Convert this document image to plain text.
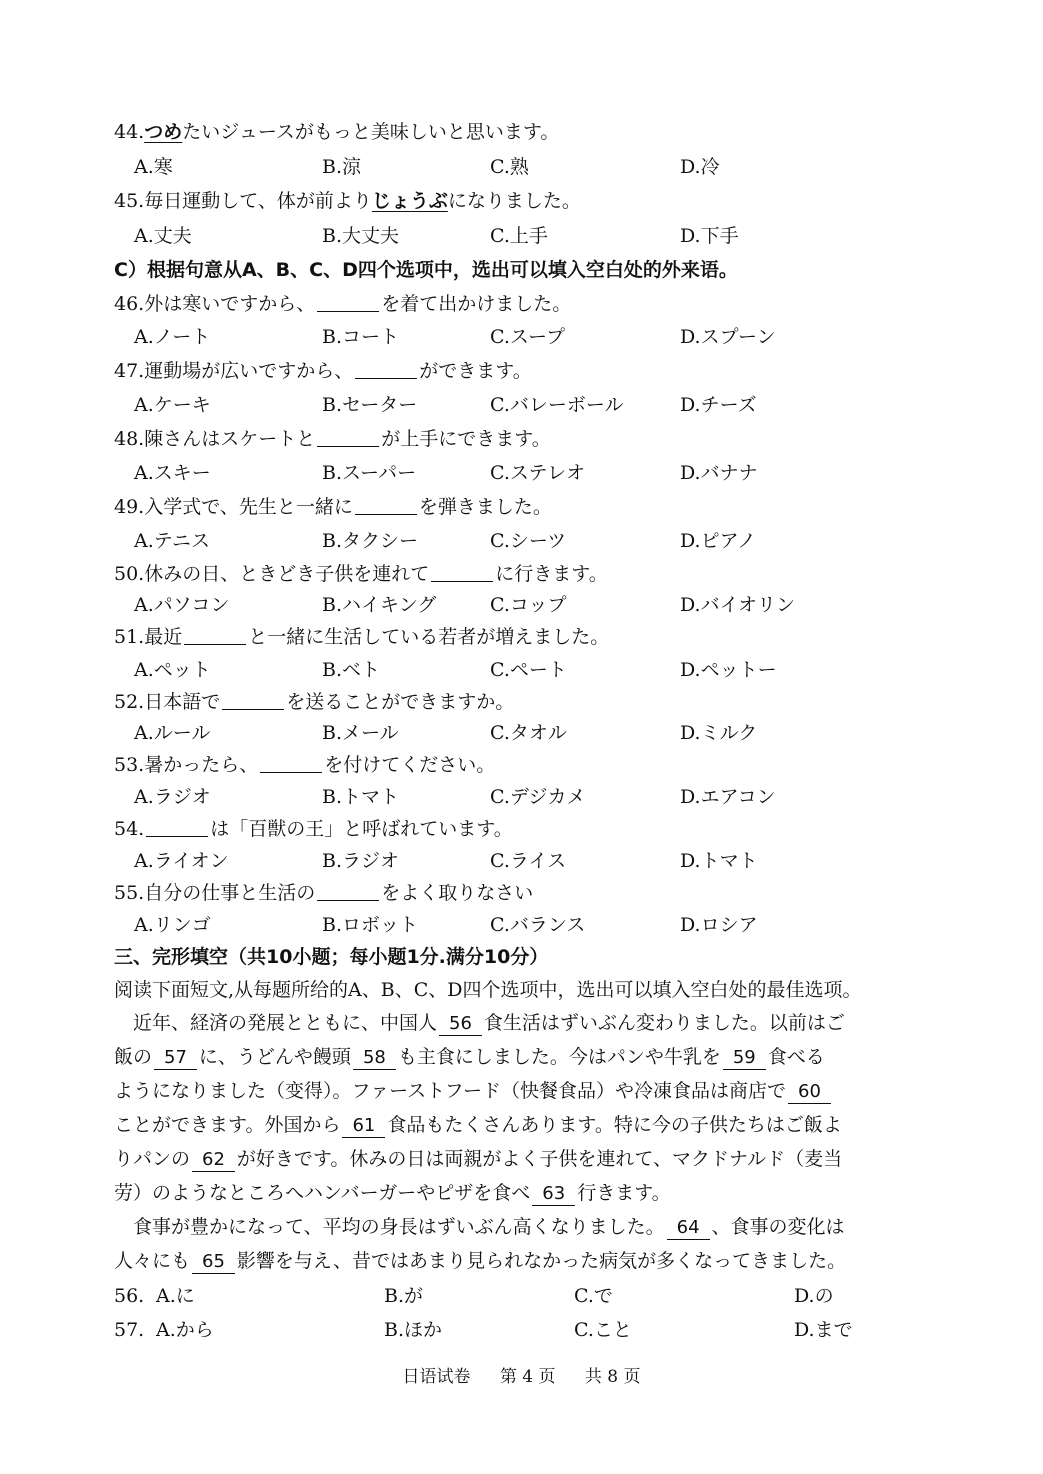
44.つめたいジュースがもっと美味しいと思います。
A.寒	B.涼	C.熟	D.冷
45.毎日運動して、体が前よりじょうぶになりました。
A.丈夫	B.大丈夫	C.上手	D.下手
C）根据句意从A、B、C、D四个选项中，选出可以填入空白处的外来语。
46.外は寒いですから、	を着て出かけました。
A.ノート	B.コート	C.スープ	D.スプーン
47.運動場が広いですから、	ができます。
A.ケーキ	B.セーター	C.バレーボール	D.チーズ
48.陳さんはスケートと	が上手にできます。
A.スキー	B.スーパー	C.ステレオ	D.バナナ
49.入学式で、先生と一緒に	を弾きました。
A.テニス	B.タクシー	C.シーツ	D.ピアノ
50.休みの日、ときどき子供を連れて	に行きます。
A.パソコン	B.ハイキング	C.コップ	D.バイオリン
51.最近	と一緒に生活している若者が増えました。
A.ペット	B.ベト	C.ペート	D.ペットー
52.日本語で	を送ることができますか。
A.ルール	B.メール	C.タオル	D.ミルク
53.暑かったら、	を付けてください。
A.ラジオ	B.トマト	C.デジカメ	D.エアコン
54.	は「百獣の王」と呼ばれています。
A.ライオン	B.ラジオ	C.ライス	D.トマト
55.自分の仕事と生活の	をよく取りなさい
A.リンゴ	B.ロボット	C.バランス	D.ロシア
三、完形填空（共10小题；每小题1分.满分10分）
阅读下面短文,从每题所给的A、B、C、D四个选项中，选出可以填入空白处的最佳选项。
近年、経済の発展とともに、中国人 56 食生活はずいぶん変わりました。以前はご
飯の 57 に、うどんや饅頭 58 も主食にしました。今はパンや牛乳を 59 食べる
ようになりました（变得）。ファーストフード（快餐食品）や冷凍食品は商店で 60
ことができます。外国から 61 食品もたくさんあります。特に今の子供たちはご飯よ
りパンの 62 が好きです。休みの日は両親がよく子供を連れて、マクドナルド（麦当
劳）のようなところへハンバーガーやピザを食べ 63 行きます。
食事が豊かになって、平均の身長はずいぶん高くなりました。 64 、食事の変化は
人々にも 65 影響を与え、昔ではあまり見られなかった病気が多くなってきました。
56. A.に	B.が	C.で	D.の
57. A.から	B.ほか	C.こと	D.まで
日语试卷 第 4 页 共 8 页
